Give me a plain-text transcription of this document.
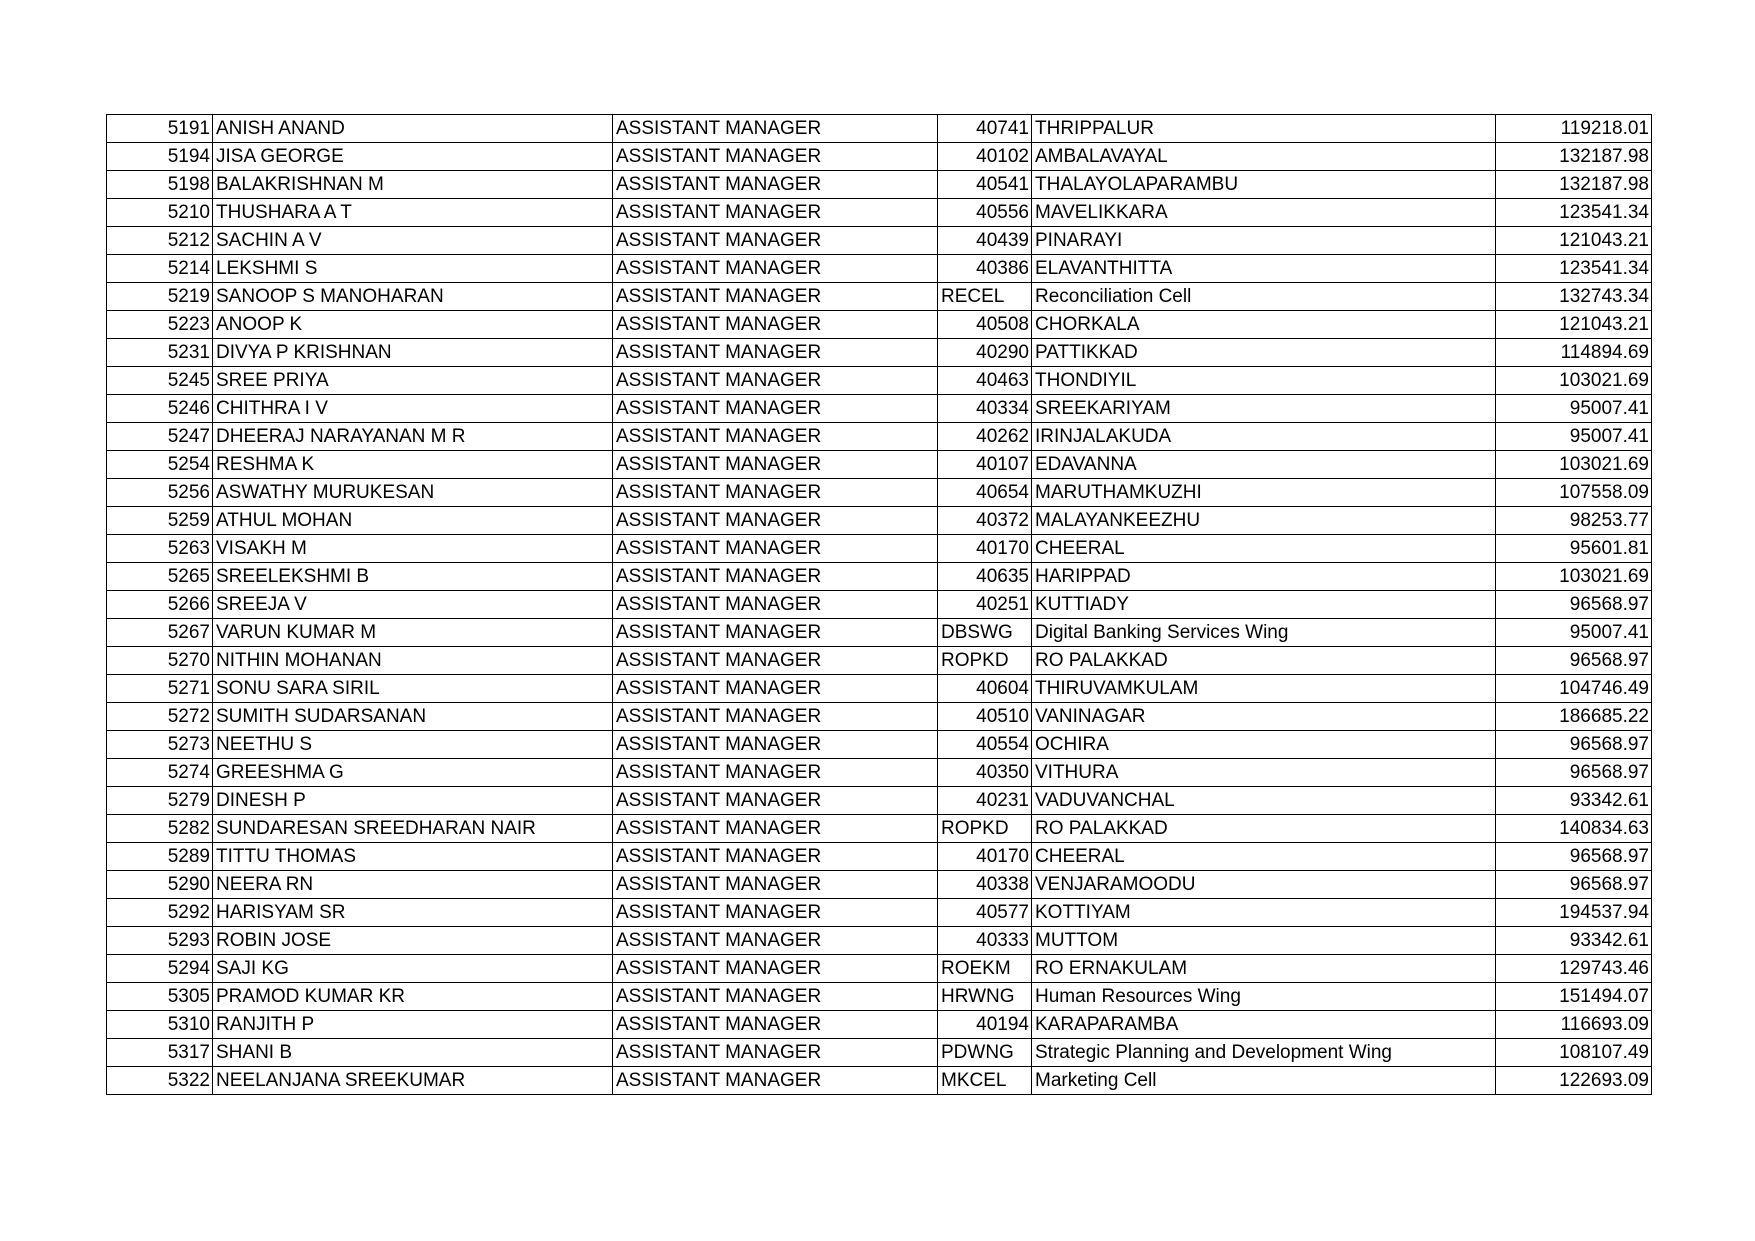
5191	ANISH ANAND	ASSISTANT MANAGER	40741	THRIPPALUR	119218.01
5194	JISA GEORGE	ASSISTANT MANAGER	40102	AMBALAVAYAL	132187.98
5198	BALAKRISHNAN M	ASSISTANT MANAGER	40541	THALAYOLAPARAMBU	132187.98
5210	THUSHARA A T	ASSISTANT MANAGER	40556	MAVELIKKARA	123541.34
5212	SACHIN A V	ASSISTANT MANAGER	40439	PINARAYI	121043.21
5214	LEKSHMI S	ASSISTANT MANAGER	40386	ELAVANTHITTA	123541.34
5219	SANOOP S MANOHARAN	ASSISTANT MANAGER	RECEL	Reconciliation Cell	132743.34
5223	ANOOP K	ASSISTANT MANAGER	40508	CHORKALA	121043.21
5231	DIVYA P KRISHNAN	ASSISTANT MANAGER	40290	PATTIKKAD	114894.69
5245	SREE PRIYA	ASSISTANT MANAGER	40463	THONDIYIL	103021.69
5246	CHITHRA I V	ASSISTANT MANAGER	40334	SREEKARIYAM	95007.41
5247	DHEERAJ NARAYANAN M R	ASSISTANT MANAGER	40262	IRINJALAKUDA	95007.41
5254	RESHMA K	ASSISTANT MANAGER	40107	EDAVANNA	103021.69
5256	ASWATHY MURUKESAN	ASSISTANT MANAGER	40654	MARUTHAMKUZHI	107558.09
5259	ATHUL MOHAN	ASSISTANT MANAGER	40372	MALAYANKEEZHU	98253.77
5263	VISAKH M	ASSISTANT MANAGER	40170	CHEERAL	95601.81
5265	SREELEKSHMI B	ASSISTANT MANAGER	40635	HARIPPAD	103021.69
5266	SREEJA V	ASSISTANT MANAGER	40251	KUTTIADY	96568.97
5267	VARUN KUMAR M	ASSISTANT MANAGER	DBSWG	Digital Banking Services Wing	95007.41
5270	NITHIN MOHANAN	ASSISTANT MANAGER	ROPKD	RO PALAKKAD	96568.97
5271	SONU SARA SIRIL	ASSISTANT MANAGER	40604	THIRUVAMKULAM	104746.49
5272	SUMITH SUDARSANAN	ASSISTANT MANAGER	40510	VANINAGAR	186685.22
5273	NEETHU S	ASSISTANT MANAGER	40554	OCHIRA	96568.97
5274	GREESHMA G	ASSISTANT MANAGER	40350	VITHURA	96568.97
5279	DINESH P	ASSISTANT MANAGER	40231	VADUVANCHAL	93342.61
5282	SUNDARESAN SREEDHARAN NAIR	ASSISTANT MANAGER	ROPKD	RO PALAKKAD	140834.63
5289	TITTU THOMAS	ASSISTANT MANAGER	40170	CHEERAL	96568.97
5290	NEERA RN	ASSISTANT MANAGER	40338	VENJARAMOODU	96568.97
5292	HARISYAM SR	ASSISTANT MANAGER	40577	KOTTIYAM	194537.94
5293	ROBIN JOSE	ASSISTANT MANAGER	40333	MUTTOM	93342.61
5294	SAJI KG	ASSISTANT MANAGER	ROEKM	RO ERNAKULAM	129743.46
5305	PRAMOD KUMAR KR	ASSISTANT MANAGER	HRWNG	Human Resources Wing	151494.07
5310	RANJITH P	ASSISTANT MANAGER	40194	KARAPARAMBA	116693.09
5317	SHANI B	ASSISTANT MANAGER	PDWNG	Strategic Planning and Development Wing	108107.49
5322	NEELANJANA SREEKUMAR	ASSISTANT MANAGER	MKCEL	Marketing Cell	122693.09
